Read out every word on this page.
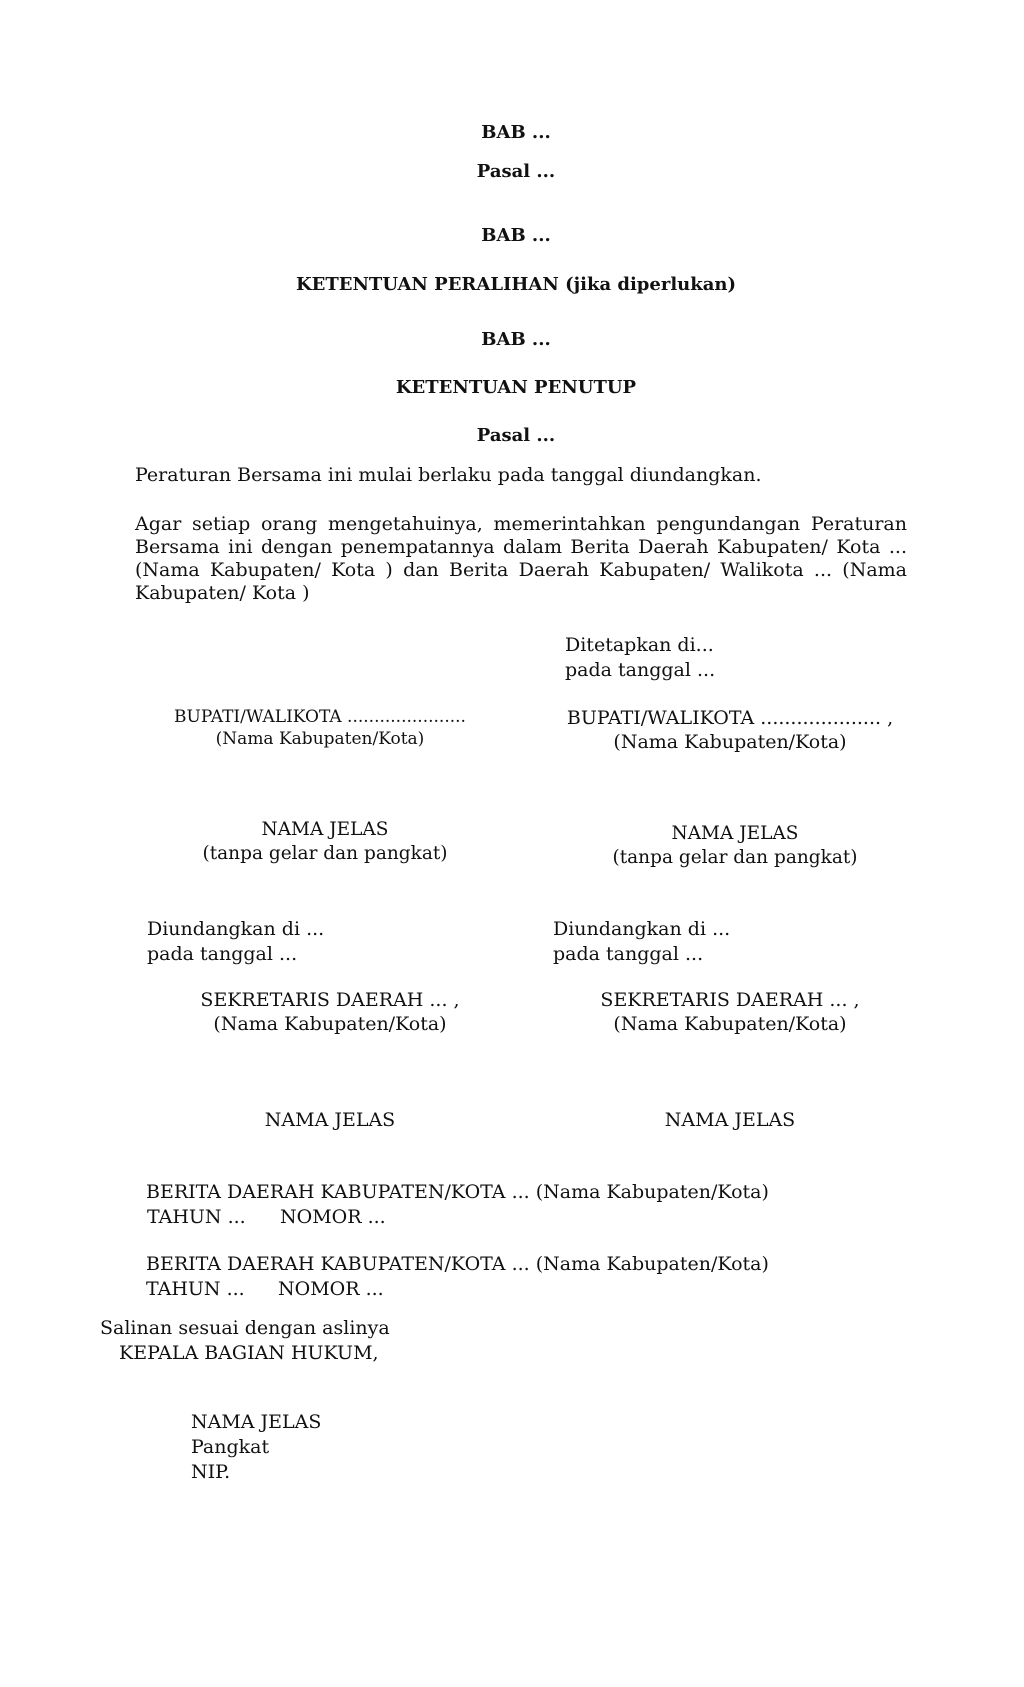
BAB ...
Pasal ...
BAB ...
KETENTUAN PERALIHAN (jika diperlukan)
BAB ...
KETENTUAN PENUTUP
Pasal ...
Peraturan Bersama ini mulai berlaku pada tanggal diundangkan.
Agar setiap orang mengetahuinya, memerintahkan pengundangan Peraturan Bersama ini dengan penempatannya dalam Berita Daerah Kabupaten/ Kota ... (Nama Kabupaten/ Kota ) dan Berita Daerah Kabupaten/ Walikota ... (Nama Kabupaten/ Kota )
Ditetapkan di...
pada tanggal ...
BUPATI/WALIKOTA ......................
(Nama Kabupaten/Kota)
BUPATI/WALIKOTA .................... ,
(Nama Kabupaten/Kota)
NAMA JELAS
(tanpa gelar dan pangkat)
NAMA JELAS
(tanpa gelar dan pangkat)
Diundangkan di ...
pada tanggal ...
SEKRETARIS DAERAH ... ,
(Nama Kabupaten/Kota)
NAMA JELAS
Diundangkan di ...
pada tanggal ...
SEKRETARIS DAERAH ... ,
(Nama Kabupaten/Kota)
NAMA JELAS
BERITA DAERAH KABUPATEN/KOTA ... (Nama Kabupaten/Kota)
TAHUN ... NOMOR ...
BERITA DAERAH KABUPATEN/KOTA ... (Nama Kabupaten/Kota)
TAHUN ... NOMOR ...
Salinan sesuai dengan aslinya
KEPALA BAGIAN HUKUM,
NAMA JELAS
Pangkat
NIP.
